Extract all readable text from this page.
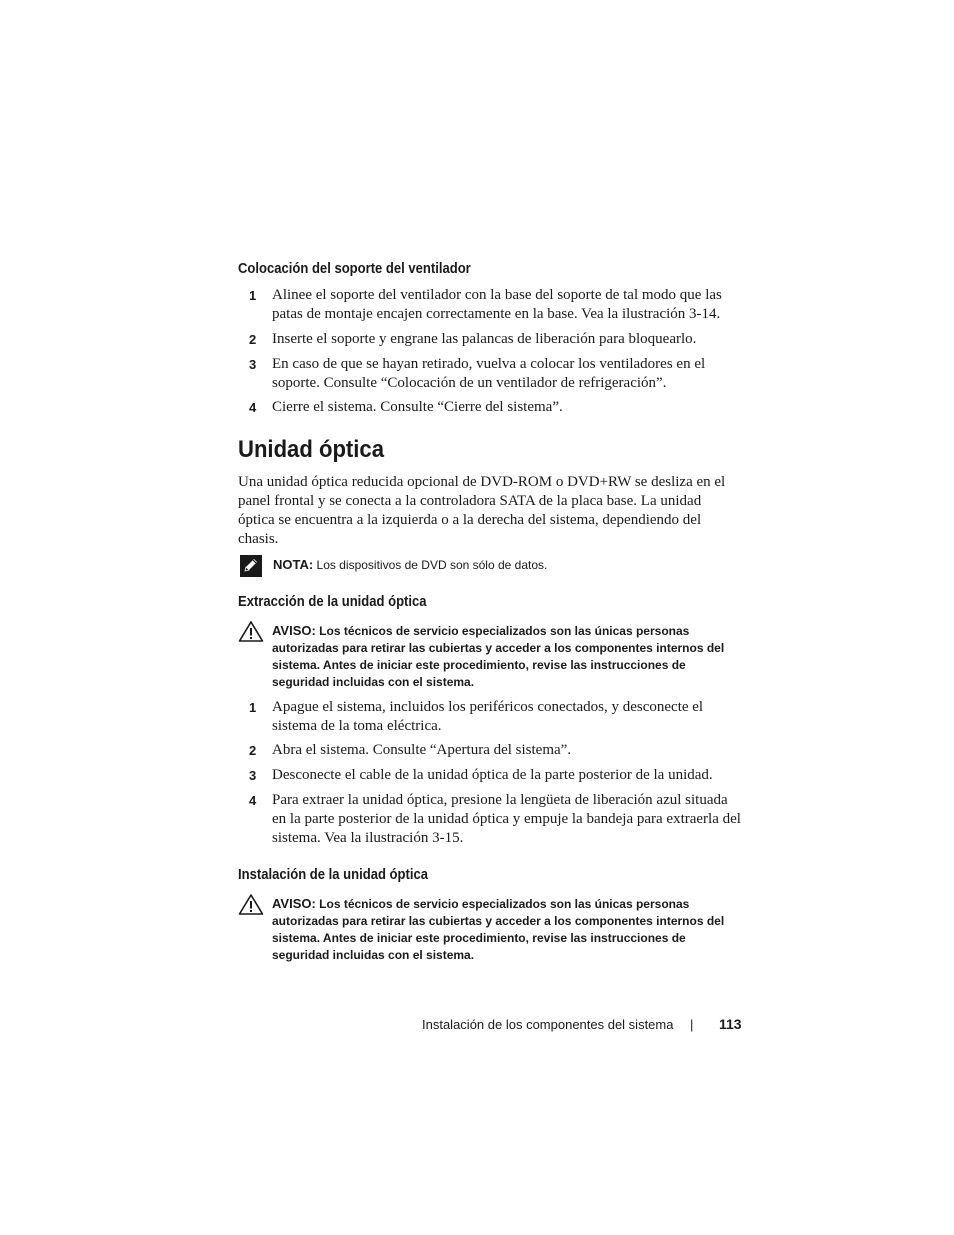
Colocación del soporte del ventilador
1	Alinee el soporte del ventilador con la base del soporte de tal modo que las patas de montaje encajen correctamente en la base. Vea la ilustración 3-14.
2	Inserte el soporte y engrane las palancas de liberación para bloquearlo.
3	En caso de que se hayan retirado, vuelva a colocar los ventiladores en el soporte. Consulte “Colocación de un ventilador de refrigeración”.
4	Cierre el sistema. Consulte “Cierre del sistema”.
Unidad óptica
Una unidad óptica reducida opcional de DVD-ROM o DVD+RW se desliza en el panel frontal y se conecta a la controladora SATA de la placa base. La unidad óptica se encuentra a la izquierda o a la derecha del sistema, dependiendo del chasis.
NOTA: Los dispositivos de DVD son sólo de datos.
Extracción de la unidad óptica
AVISO: Los técnicos de servicio especializados son las únicas personas autorizadas para retirar las cubiertas y acceder a los componentes internos del sistema. Antes de iniciar este procedimiento, revise las instrucciones de seguridad incluidas con el sistema.
1	Apague el sistema, incluidos los periféricos conectados, y desconecte el sistema de la toma eléctrica.
2	Abra el sistema. Consulte “Apertura del sistema”.
3	Desconecte el cable de la unidad óptica de la parte posterior de la unidad.
4	Para extraer la unidad óptica, presione la lengüeta de liberación azul situada en la parte posterior de la unidad óptica y empuje la bandeja para extraerla del sistema. Vea la ilustración 3-15.
Instalación de la unidad óptica
AVISO: Los técnicos de servicio especializados son las únicas personas autorizadas para retirar las cubiertas y acceder a los componentes internos del sistema. Antes de iniciar este procedimiento, revise las instrucciones de seguridad incluidas con el sistema.
Instalación de los componentes del sistema | 113
